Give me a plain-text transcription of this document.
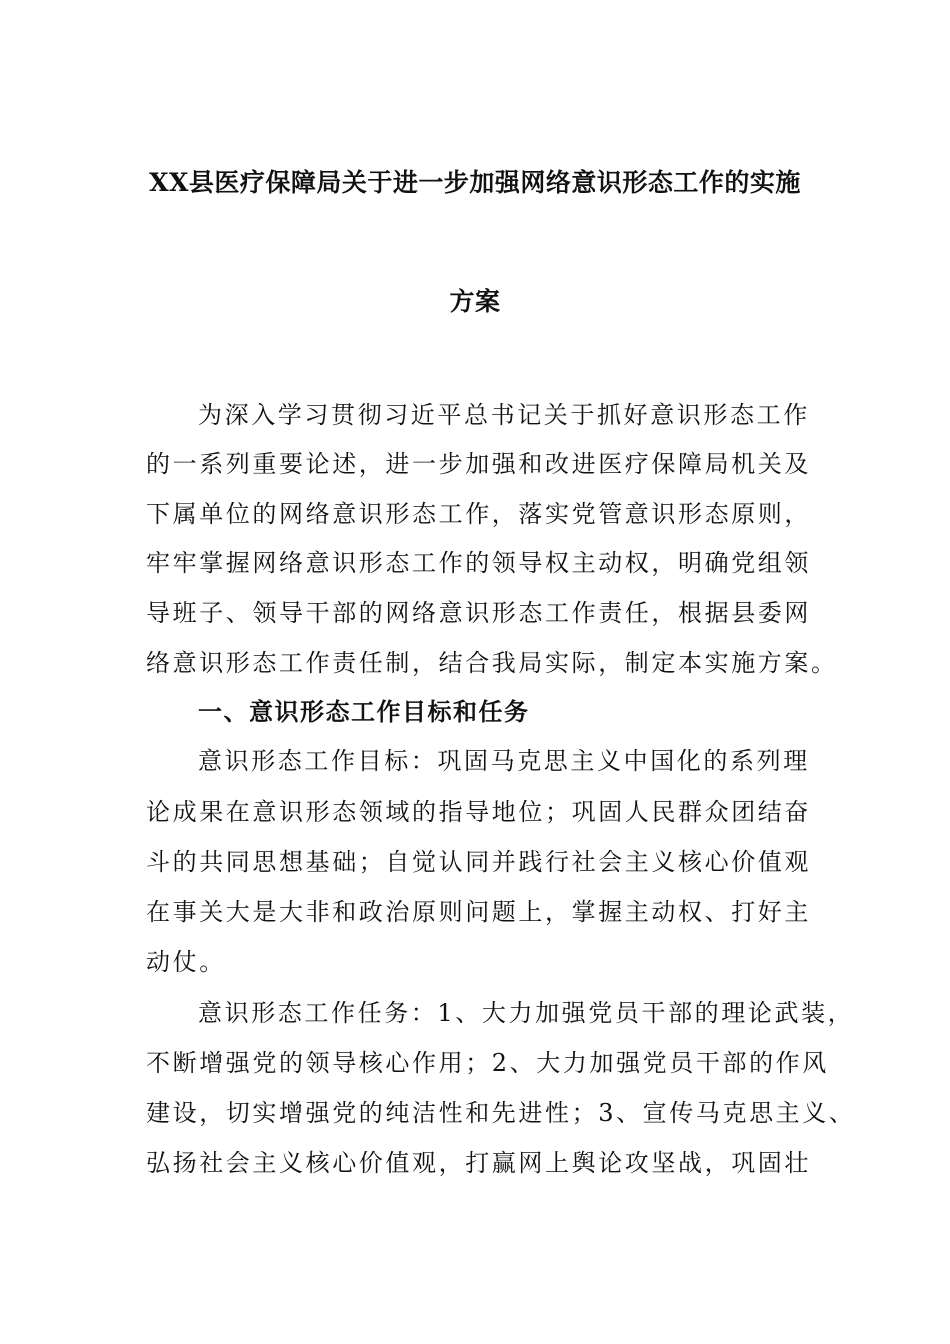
XX县医疗保障局关于进一步加强网络意识形态工作的实施
方案
为深入学习贯彻习近平总书记关于抓好意识形态工作
的一系列重要论述，进一步加强和改进医疗保障局机关及
下属单位的网络意识形态工作，落实党管意识形态原则，
牢牢掌握网络意识形态工作的领导权主动权，明确党组领
导班子、领导干部的网络意识形态工作责任，根据县委网
络意识形态工作责任制，结合我局实际，制定本实施方案。
一、意识形态工作目标和任务
意识形态工作目标：巩固马克思主义中国化的系列理
论成果在意识形态领域的指导地位；巩固人民群众团结奋
斗的共同思想基础；自觉认同并践行社会主义核心价值观
在事关大是大非和政治原则问题上，掌握主动权、打好主
动仗。
意识形态工作任务：1、大力加强党员干部的理论武装，
不断增强党的领导核心作用；2、大力加强党员干部的作风
建设，切实增强党的纯洁性和先进性；3、宣传马克思主义、
弘扬社会主义核心价值观，打赢网上舆论攻坚战，巩固壮
